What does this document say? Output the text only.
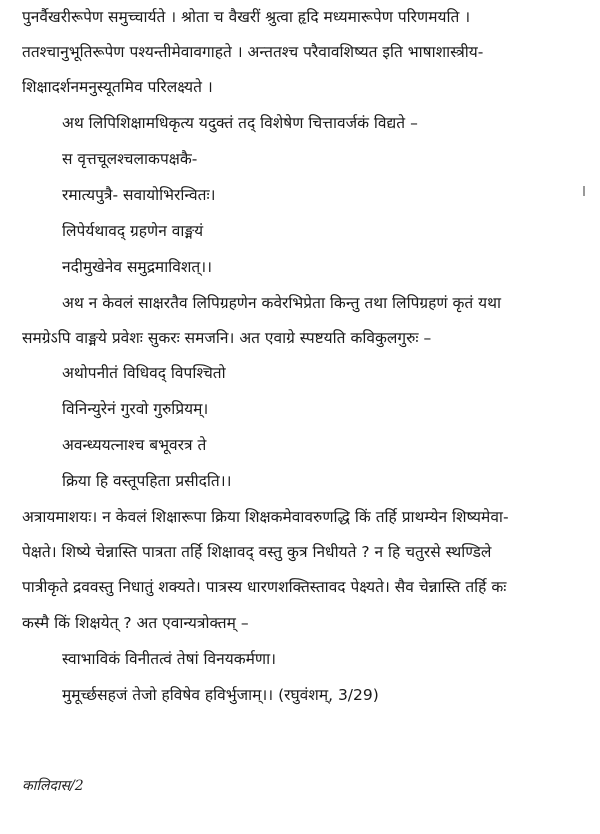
पुनर्वैखरीरूपेण समुच्चार्यते । श्रोता च वैखरीं श्रुत्वा हृदि मध्यमारूपेण परिणमयति ।
ततश्चानुभूतिरूपेण पश्यन्तीमेवावगाहते । अन्ततश्च परैवावशिष्यत इति भाषाशास्त्रीय-
शिक्षादर्शनमनुस्यूतमिव परिलक्ष्यते ।
अथ लिपिशिक्षामधिकृत्य यदुक्तं तद् विशेषेण चित्तावर्जकं विद्यते –
स वृत्तचूलश्चलाकपक्षकै-
रमात्यपुत्रै- सवायोभिरन्वितः।
लिपेर्यथावद् ग्रहणेन वाङ्मयं
नदीमुखेनेव समुद्रमाविशत्।।
अथ न केवलं साक्षरतैव लिपिग्रहणेन कवेरभिप्रेता किन्तु तथा लिपिग्रहणं कृतं यथा
समग्रेऽपि वाङ्मये प्रवेशः सुकरः समजनि। अत एवाग्रे स्पष्टयति कविकुलगुरुः –
अथोपनीतं विधिवद् विपश्चितो
विनिन्युरेनं गुरवो गुरुप्रियम्।
अवन्ध्ययत्नाश्च बभूवरत्र ते
क्रिया हि वस्तूपहिता प्रसीदति।।
अत्रायमाशयः। न केवलं शिक्षारूपा क्रिया शिक्षकमेवावरुणद्धि किं तर्हि प्राथम्येन शिष्यमेवा-
पेक्षते। शिष्ये चेन्नास्ति पात्रता तर्हि शिक्षावद् वस्तु कुत्र निधीयते ? न हि चतुरसे स्थण्डिले
पात्रीकृते द्रववस्तु निधातुं शक्यते। पात्रस्य धारणशक्तिस्तावद पेक्ष्यते। सैव चेन्नास्ति तर्हि कः
कस्मै किं शिक्षयेत् ? अत एवान्यत्रोक्तम् –
स्वाभाविकं विनीतत्वं तेषां विनयकर्मणा।
मुमूर्च्छसहजं तेजो हविषेव हविर्भुजाम्।। (रघुवंशम्, 3/29)
कालिदास/2
